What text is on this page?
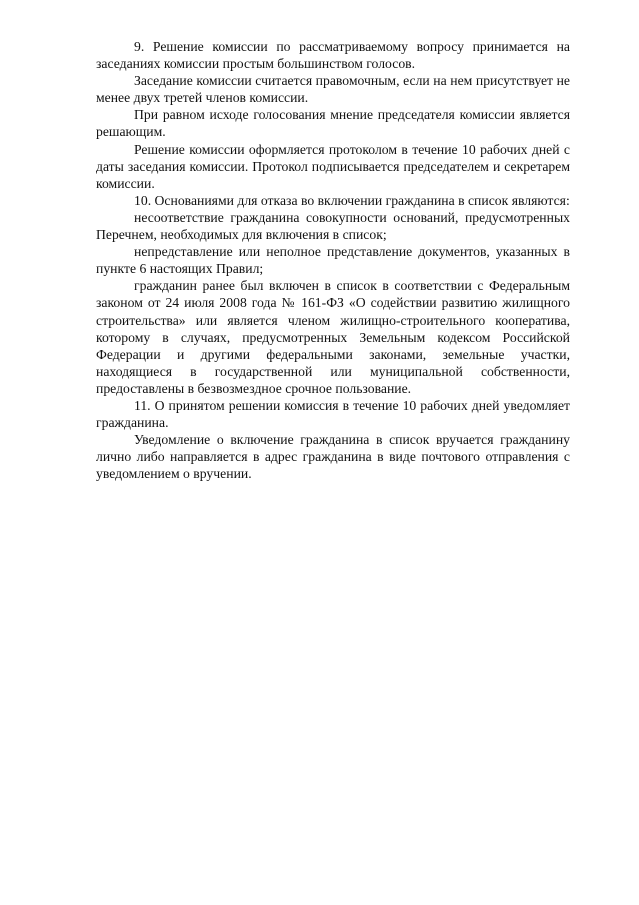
9. Решение комиссии по рассматриваемому вопросу принимается на заседаниях комиссии простым большинством голосов.

Заседание комиссии считается правомочным, если на нем присутствует не менее двух третей членов комиссии.

При равном исходе голосования мнение председателя комиссии является решающим.

Решение комиссии оформляется протоколом в течение 10 рабочих дней с даты заседания комиссии. Протокол подписывается председателем и секретарем комиссии.

10. Основаниями для отказа во включении гражданина в список являются:

несоответствие гражданина совокупности оснований, предусмотренных Перечнем, необходимых для включения в список;

непредставление или неполное представление документов, указанных в пункте 6 настоящих Правил;

гражданин ранее был включен в список в соответствии с Федеральным законом от 24 июля 2008 года № 161-ФЗ «О содействии развитию жилищного строительства» или является членом жилищно-строительного кооператива, которому в случаях, предусмотренных Земельным кодексом Российской Федерации и другими федеральными законами, земельные участки, находящиеся в государственной или муниципальной собственности, предоставлены в безвозмездное срочное пользование.

11. О принятом решении комиссия в течение 10 рабочих дней уведомляет гражданина.

Уведомление о включение гражданина в список вручается гражданину лично либо направляется в адрес гражданина в виде почтового отправления с уведомлением о вручении.
